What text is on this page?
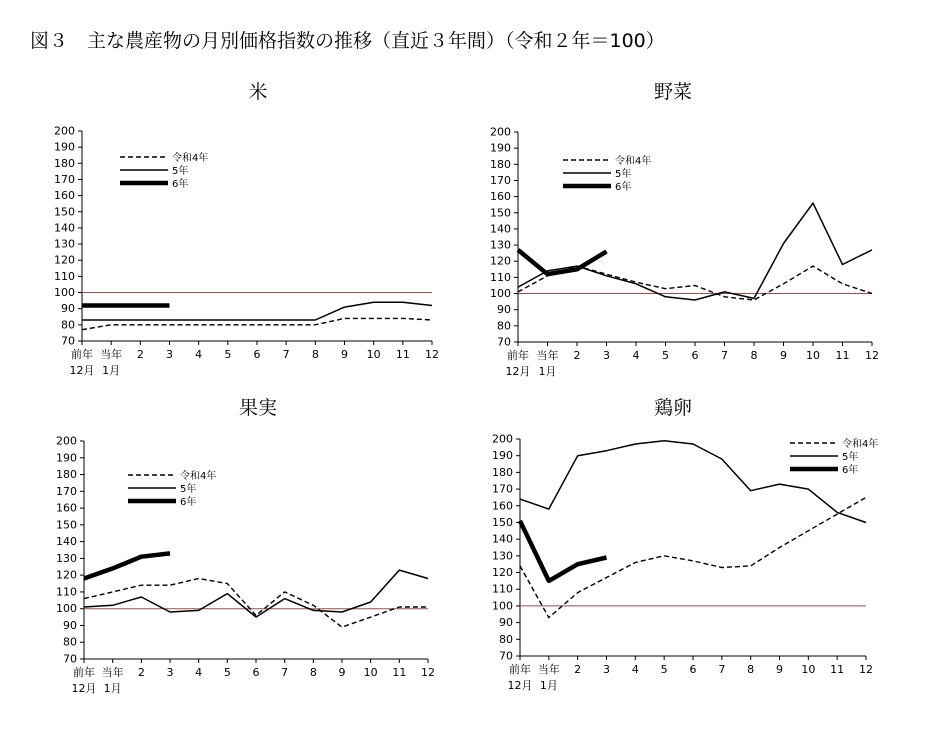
図３　主な農産物の月別価格指数の推移（直近３年間）（令和２年＝100）
米	野菜
果実	鶏卵
70
80
90
100
110
120
130
140
150
160
170
180
190
200
前年 当年 2 3 4 5 6 7 8 9 10 11 12
12月 1月
令和4年
5年
6年
70
80
90
100
110
120
130
140
150
160
170
180
190
200
前年 当年 2 3 4 5 6 7 8 9 10 11 12
12月 1月
令和4年
5年
6年
70
80
90
100
110
120
130
140
150
160
170
180
190
200
前年 当年 2 3 4 5 6 7 8 9 10 11 12
12月 1月
令和4年
5年
6年
70
80
90
100
110
120
130
140
150
160
170
180
190
200
前年 当年 2 3 4 5 6 7 8 9 10 11 12
12月 1月
令和4年
5年
6年
